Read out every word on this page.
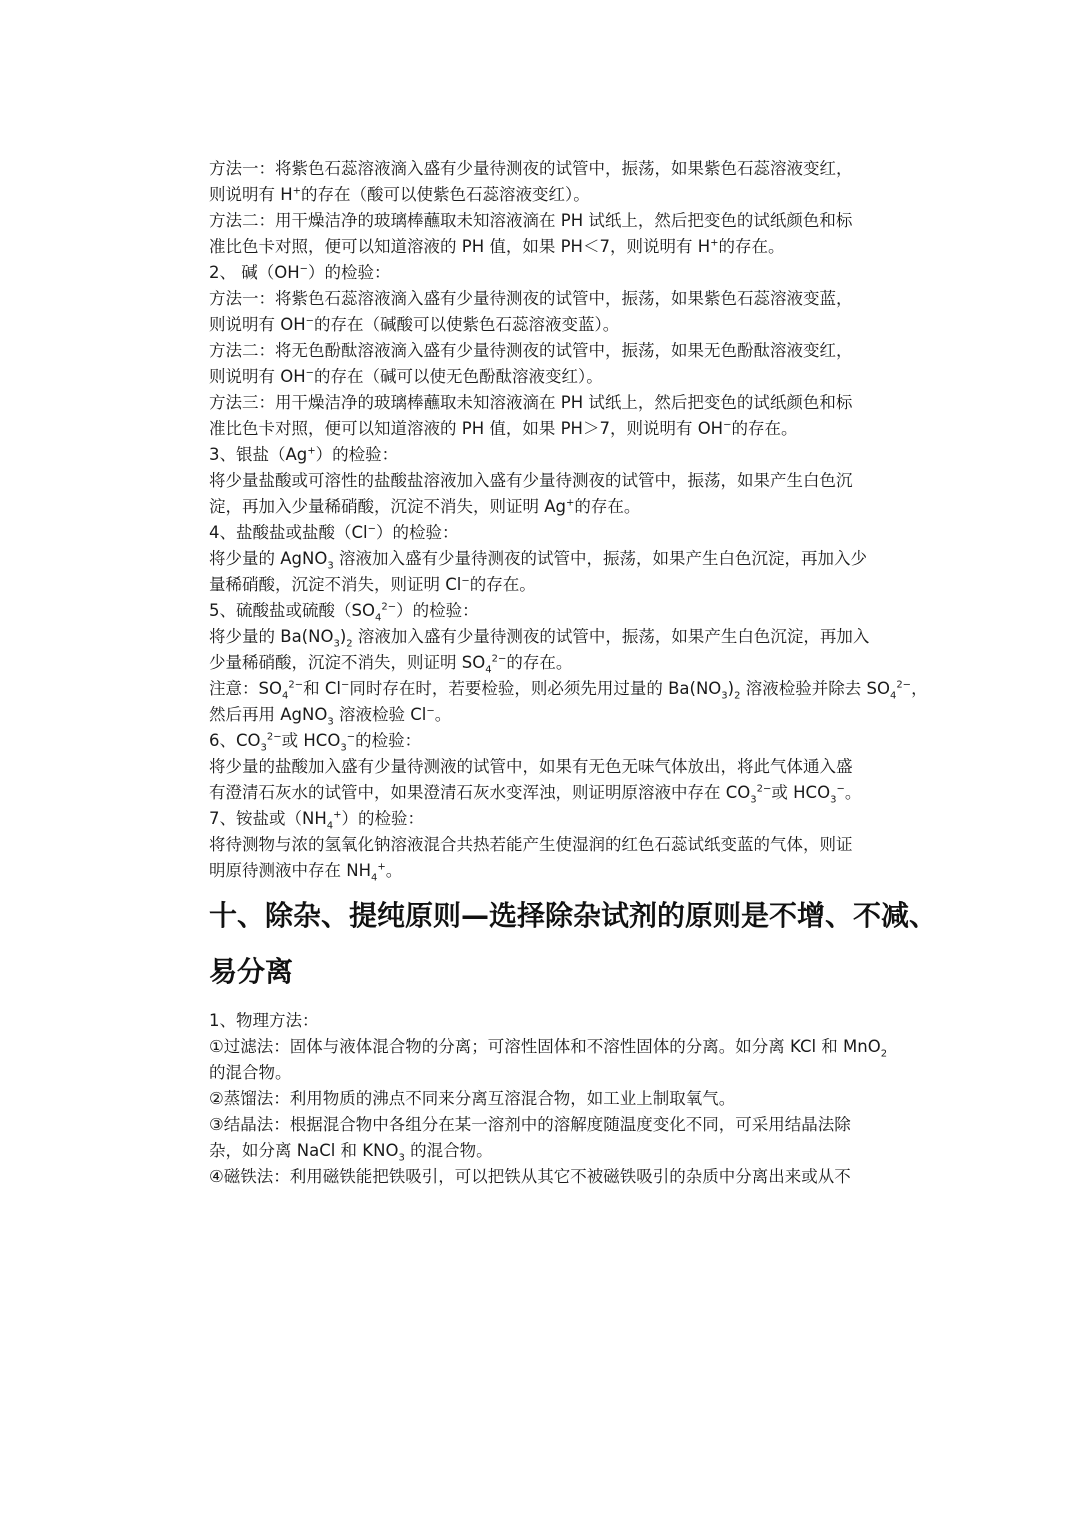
方法一：将紫色石蕊溶液滴入盛有少量待测夜的试管中，振荡，如果紫色石蕊溶液变红，
则说明有 H+的存在（酸可以使紫色石蕊溶液变红）。
方法二：用干燥洁净的玻璃棒蘸取未知溶液滴在 PH 试纸上，然后把变色的试纸颜色和标
准比色卡对照，便可以知道溶液的 PH 值，如果 PH＜7，则说明有 H+的存在。
2、 碱（OH−）的检验：
方法一：将紫色石蕊溶液滴入盛有少量待测夜的试管中，振荡，如果紫色石蕊溶液变蓝，
则说明有 OH−的存在（碱酸可以使紫色石蕊溶液变蓝）。
方法二：将无色酚酞溶液滴入盛有少量待测夜的试管中，振荡，如果无色酚酞溶液变红，
则说明有 OH−的存在（碱可以使无色酚酞溶液变红）。
方法三：用干燥洁净的玻璃棒蘸取未知溶液滴在 PH 试纸上，然后把变色的试纸颜色和标
准比色卡对照，便可以知道溶液的 PH 值，如果 PH＞7，则说明有 OH−的存在。
3、银盐（Ag+）的检验：
将少量盐酸或可溶性的盐酸盐溶液加入盛有少量待测夜的试管中，振荡，如果产生白色沉
淀，再加入少量稀硝酸，沉淀不消失，则证明 Ag+的存在。
4、盐酸盐或盐酸（Cl−）的检验：
将少量的 AgNO$_3$ 溶液加入盛有少量待测夜的试管中，振荡，如果产生白色沉淀，再加入少
量稀硝酸，沉淀不消失，则证明 Cl−的存在。
5、硫酸盐或硫酸$(SO_4^{2-})$的检验：
将少量的 $Ba(NO_3)_2$ 溶液加入盛有少量待测夜的试管中，振荡，如果产生白色沉淀，再加入
少量稀硝酸，沉淀不消失，则证明 $SO_4^{2-}$的存在。
注意：$SO_4^{2-}$和 Cl−同时存在时，若要检验，则必须先用过量的 $Ba(NO_3)_2$ 溶液检验并除去 $SO_4^{2-}$，
然后再用 AgNO$_3$ 溶液检验 Cl−。
6、$CO_3^{2-}$或 $HCO_3^-$的检验：
将少量的盐酸加入盛有少量待测液的试管中，如果有无色无味气体放出，将此气体通入盛
有澄清石灰水的试管中，如果澄清石灰水变浑浊，则证明原溶液中存在 $CO_3^{2-}$或 $HCO_3^-$。
7、铵盐或$(NH_4^+)$的检验：
将待测物与浓的氢氧化钠溶液混合共热若能产生使湿润的红色石蕊试纸变蓝的气体，则证
明原待测液中存在 $NH_4^+$。
十、除杂、提纯原则—选择除杂试剂的原则是不增、不减、
易分离
1、物理方法：
①过滤法：固体与液体混合物的分离；可溶性固体和不溶性固体的分离。如分离 KCl 和 MnO$_2$
的混合物。
②蒸馏法：利用物质的沸点不同来分离互溶混合物，如工业上制取氧气。
③结晶法：根据混合物中各组分在某一溶剂中的溶解度随温度变化不同，可采用结晶法除
杂，如分离 NaCl 和 $KNO_3$ 的混合物。
④磁铁法：利用磁铁能把铁吸引，可以把铁从其它不被磁铁吸引的杂质中分离出来或从不
